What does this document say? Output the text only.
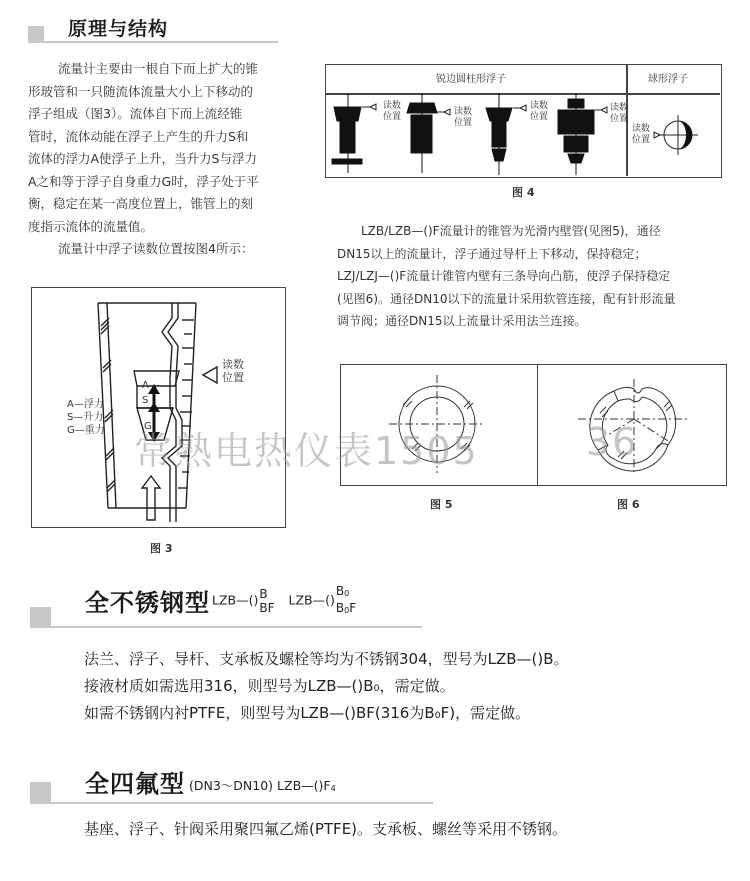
原理与结构

流量计主要由一根自下而上扩大的锥

形玻管和一只随流体流量大小上下移动的

浮子组成（图3）。流体自下而上流经锥

管时，流体动能在浮子上产生的升力S和

流体的浮力A使浮子上升，当升力S与浮力

A之和等于浮子自身重力G时，浮子处于平

衡，稳定在某一高度位置上，锥管上的刻

度指示流体的流量值。

流量计中浮子读数位置按图4所示：

A
S
G
读数
位置
A—浮力
S—升力
G—重力
图 3
锐边圆柱形浮子	球形浮子
读数
位置	读数
位置
读数
位置
读数
位置
读数
位置
图 4

LZB/LZB—()F流量计的锥管为光滑内壁管(见图5)，通径

DN15以上的流量计，浮子通过导杆上下移动，保持稳定；

LZJ/LZJ—()F流量计锥管内壁有三条导向凸筋，使浮子保持稳定

(见图6)。通径DN10以下的流量计采用软管连接，配有针形流量

调节阀；通径DN15以上流量计采用法兰连接。

图 5	图 6
常熟电热仪表1505	36
全不锈钢型 LZB—() B
BF
LZB—()
$B_0$
$B_0F$

法兰、浮子、导杆、支承板及螺栓等均为不锈钢304，型号为LZB—()B。

接液材质如需选用316，则型号为LZB—()B₀，需定做。

如需不锈钢内衬PTFE，则型号为LZB—()BF(316为B₀F)，需定做。

全四氟型 (DN3～DN10) $LZB—()F_4$

基座、浮子、针阀采用聚四氟乙烯(PTFE)。支承板、螺丝等采用不锈钢。
